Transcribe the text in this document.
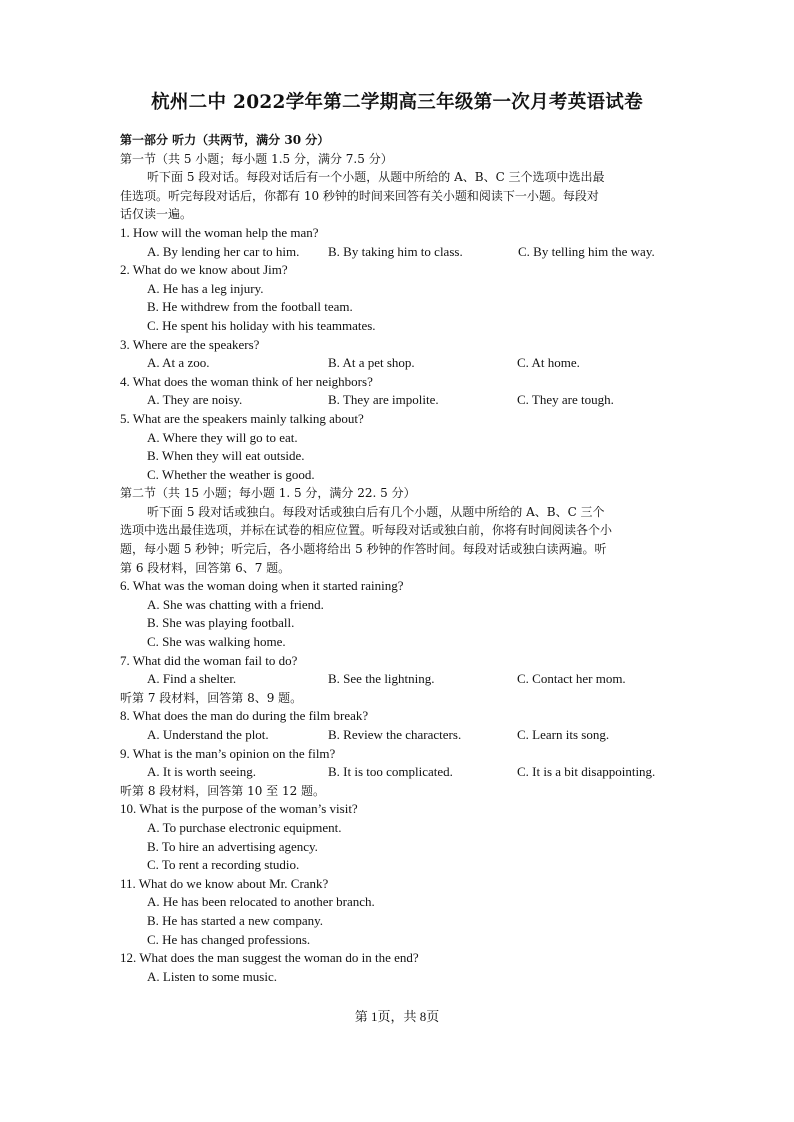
杭州二中 2022学年第二学期高三年级第一次月考英语试卷
第一部分 听力（共两节，满分 30 分）
第一节（共 5 小题；每小题 1.5 分，满分 7.5 分）
听下面 5 段对话。每段对话后有一个小题，从题中所给的 A、B、C 三个选项中选出最
佳选项。听完每段对话后，你都有 10 秒钟的时间来回答有关小题和阅读下一小题。每段对
话仅读一遍。
1. How will the woman help the man?
A. By lending her car to him. B. By taking him to class.	C. By telling him the way.
2. What do we know about Jim?
A. He has a leg injury.
B. He withdrew from the football team.
C. He spent his holiday with his teammates.
3. Where are the speakers?
A. At a zoo.	B. At a pet shop.	C. At home.
4. What does the woman think of her neighbors?
A. They are noisy.	B. They are impolite.	C. They are tough.
5. What are the speakers mainly talking about?
A. Where they will go to eat.
B. When they will eat outside.
C. Whether the weather is good.
第二节（共 15 小题；每小题 1. 5 分，满分 22. 5 分）
听下面 5 段对话或独白。每段对话或独白后有几个小题，从题中所给的 A、B、C 三个
选项中选出最佳选项，并标在试卷的相应位置。听每段对话或独白前，你将有时间阅读各个小
题，每小题 5 秒钟；听完后，各小题将给出 5 秒钟的作答时间。每段对话或独白读两遍。听
第 6 段材料，回答第 6、7 题。
6. What was the woman doing when it started raining?
A. She was chatting with a friend.
B. She was playing football.
C. She was walking home.
7. What did the woman fail to do?
A. Find a shelter.	B. See the lightning.	C. Contact her mom.
听第 7 段材料，回答第 8、9 题。
8. What does the man do during the film break?
A. Understand the plot.	B. Review the characters.	C. Learn its song.
9. What is the man’s opinion on the film?
A. It is worth seeing.	B. It is too complicated.	C. It is a bit disappointing.
听第 8 段材料，回答第 10 至 12 题。
10. What is the purpose of the woman’s visit?
A. To purchase electronic equipment.
B. To hire an advertising agency.
C. To rent a recording studio.
11. What do we know about Mr. Crank?
A. He has been relocated to another branch.
B. He has started a new company.
C. He has changed professions.
12. What does the man suggest the woman do in the end?
A. Listen to some music.
第 1页，共 8页
